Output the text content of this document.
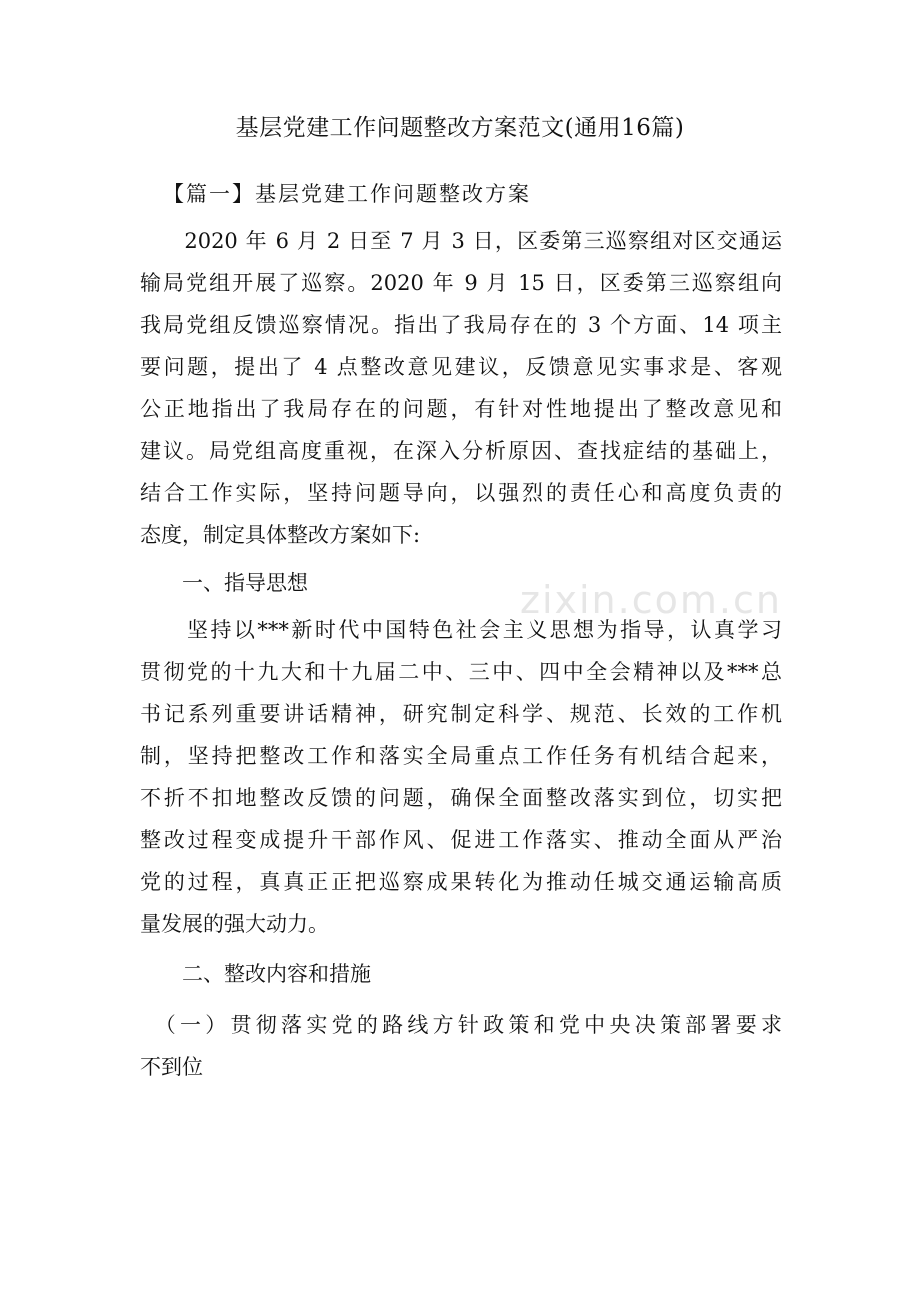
zixin.com.cn
基层党建工作问题整改方案范文(通用16篇)
【篇一】基层党建工作问题整改方案
　　2020 年 6 月 2 日至 7 月 3 日，区委第三巡察组对区交通运
输局党组开展了巡察。2020 年 9 月 15 日，区委第三巡察组向
我局党组反馈巡察情况。指出了我局存在的 3 个方面、14 项主
要问题，提出了 4 点整改意见建议，反馈意见实事求是、客观
公正地指出了我局存在的问题，有针对性地提出了整改意见和
建议。局党组高度重视，在深入分析原因、查找症结的基础上，
结合工作实际，坚持问题导向，以强烈的责任心和高度负责的
态度，制定具体整改方案如下:
　　一、指导思想
　　坚持以***新时代中国特色社会主义思想为指导，认真学习
贯彻党的十九大和十九届二中、三中、四中全会精神以及***总
书记系列重要讲话精神，研究制定科学、规范、长效的工作机
制，坚持把整改工作和落实全局重点工作任务有机结合起来，
不折不扣地整改反馈的问题，确保全面整改落实到位，切实把
整改过程变成提升干部作风、促进工作落实、推动全面从严治
党的过程，真真正正把巡察成果转化为推动任城交通运输高质
量发展的强大动力。
　　二、整改内容和措施
　（一）贯彻落实党的路线方针政策和党中央决策部署要求
不到位
